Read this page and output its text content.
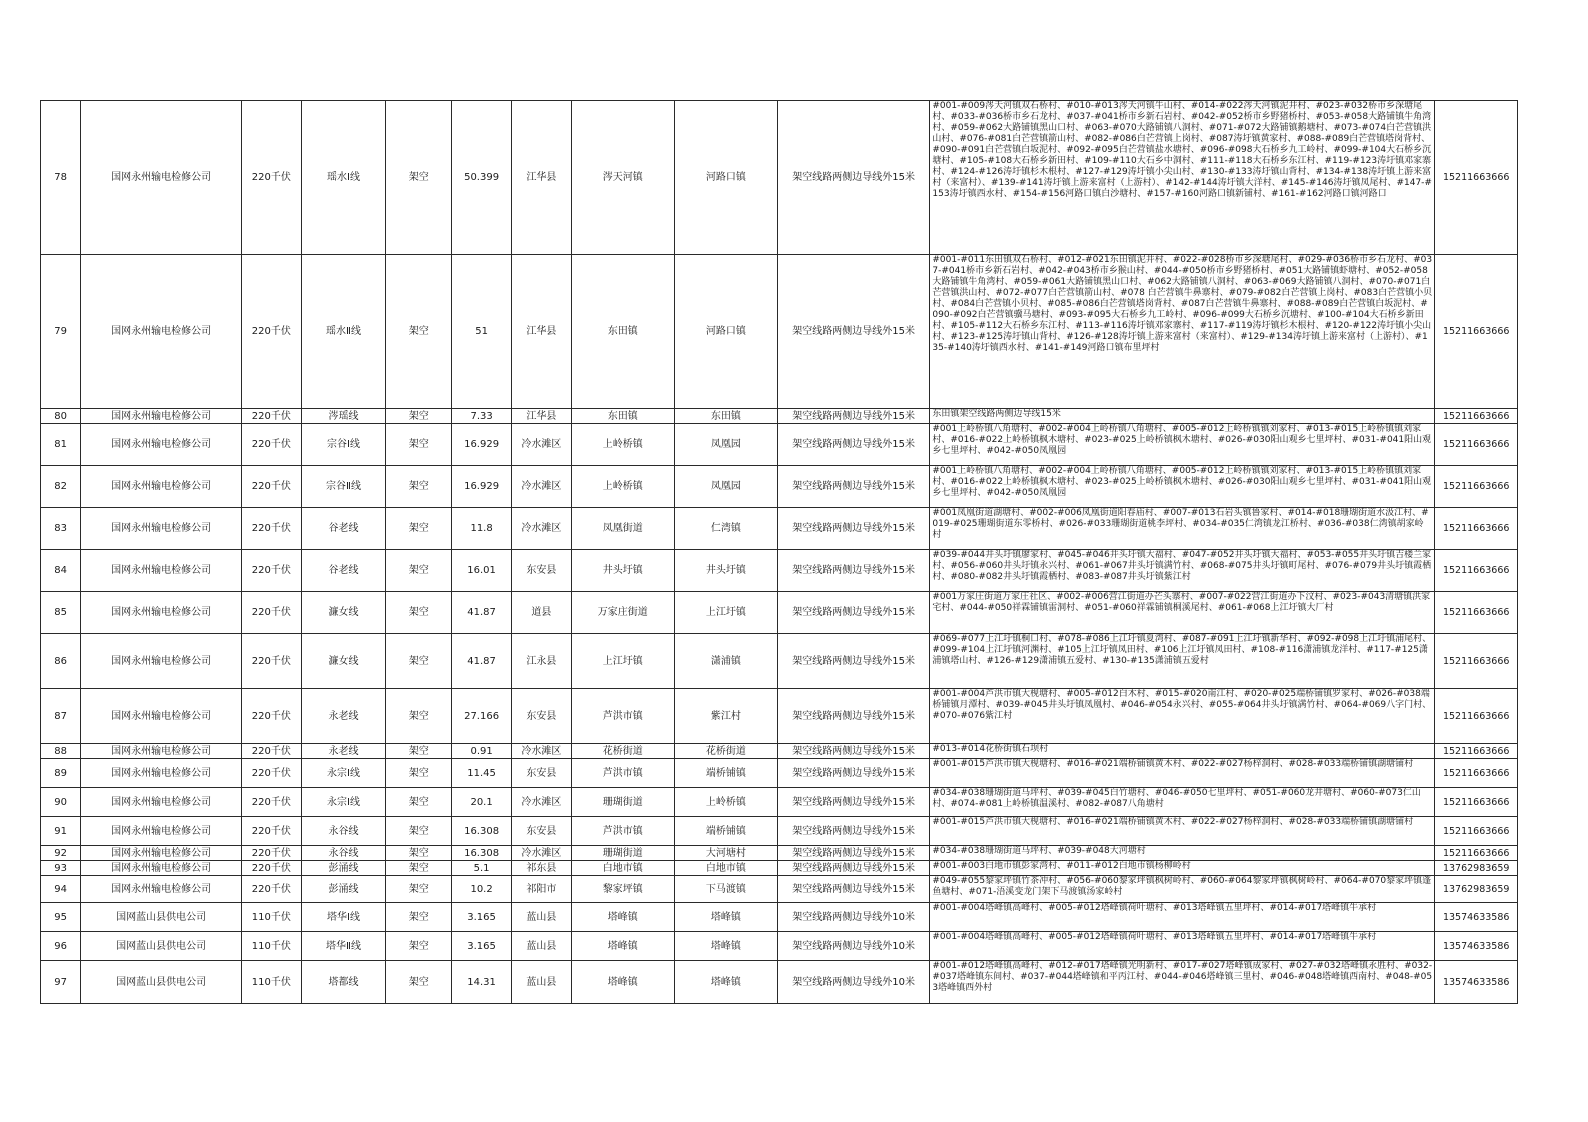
78	国网永州输电检修公司	220千伏	瑶水Ⅰ线	架空	50.399	江华县	涔天河镇	河路口镇	架空线路两侧边导线外15米	#001-#009涔天河镇双石桥村、#010-#013涔天河镇牛山村、#014-#022涔天河镇泥井村、#023-#032桥市乡深塘尾村、#033-#036桥市乡石龙村、#037-#041桥市乡新石岩村、#042-#052桥市乡野猪桥村、#053-#058大路铺镇牛角湾村、#059-#062大路铺镇黑山口村、#063-#070大路铺镇八洞村、#071-#072大路铺镇鹅塘村、#073-#074白芒营镇洪山村、#076-#081白芒营镇箭山村、#082-#086白芒营镇上岗村、#087涛圩镇黄家村、#088-#089白芒营镇塔岗背村、#090-#091白芒营镇白坂泥村、#092-#095白芒营镇盐水塘村、#096-#098大石桥乡九工岭村、#099-#104大石桥乡沉塘村、#105-#108大石桥乡新田村、#109-#110大石乡中洞村、#111-#118大石桥乡东江村、#119-#123涛圩镇邓家寨村、#124-#126涛圩镇杉木根村、#127-#129涛圩镇小尖山村、#130-#133涛圩镇山背村、#134-#138涛圩镇上游来富村（来富村）、#139-#141涛圩镇上游来富村（上游村）、#142-#144涛圩镇大洋村、#145-#146涛圩镇凤尾村、#147-#153涛圩镇西水村、#154-#156河路口镇白沙塘村、#157-#160河路口镇新铺村、#161-#162河路口镇河路口	15211663666
79	国网永州输电检修公司	220千伏	瑶水Ⅱ线	架空	51	江华县	东田镇	河路口镇	架空线路两侧边导线外15米	#001-#011东田镇双石桥村、#012-#021东田镇泥井村、#022-#028桥市乡深塘尾村、#029-#036桥市乡石龙村、#037-#041桥市乡新石岩村、#042-#043桥市乡猴山村、#044-#050桥市乡野猪桥村、#051大路铺镇虾塘村、#052-#058大路铺镇牛角湾村、#059-#061大路铺镇黑山口村、#062大路铺镇八洞村、#063-#069大路铺镇八洞村、#070-#071白芒营镇洪山村、#072-#077白芒营镇箭山村、#078 白芒营镇牛鼻寨村、#079-#082白芒营镇上岗村、#083白芒营镇小贝村、#084白芒营镇小贝村、#085-#086白芒营镇塔岗背村、#087白芒营镇牛鼻寨村、#088-#089白芒营镇白坂泥村、#090-#092白芒营镇骥马塘村、#093-#095大石桥乡九工岭村、#096-#099大石桥乡沉塘村、#100-#104大石桥乡新田村、#105-#112大石桥乡东江村、#113-#116涛圩镇邓家寨村、#117-#119涛圩镇杉木根村、#120-#122涛圩镇小尖山村、#123-#125涛圩镇山背村、#126-#128涛圩镇上游来富村（来富村）、#129-#134涛圩镇上游来富村（上游村）、#135-#140涛圩镇西水村、#141-#149河路口镇布里坪村	15211663666
80	国网永州输电检修公司	220千伏	涔瑶线	架空	7.33	江华县	东田镇	东田镇	架空线路两侧边导线外15米	东田镇架空线路两侧边导线15米	15211663666
81	国网永州输电检修公司	220千伏	宗谷Ⅰ线	架空	16.929	冷水滩区	上岭桥镇	凤凰园	架空线路两侧边导线外15米	#001上岭桥镇八角塘村、#002-#004上岭桥镇八角塘村、#005-#012上岭桥镇镇刘家村、#013-#015上岭桥镇镇刘家村、#016-#022上岭桥镇枫木塘村、#023-#025上岭桥镇枫木塘村、#026-#030阳山观乡七里坪村、#031-#041阳山观乡七里坪村、#042-#050凤凰园	15211663666
82	国网永州输电检修公司	220千伏	宗谷Ⅱ线	架空	16.929	冷水滩区	上岭桥镇	凤凰园	架空线路两侧边导线外15米	#001上岭桥镇八角塘村、#002-#004上岭桥镇八角塘村、#005-#012上岭桥镇镇刘家村、#013-#015上岭桥镇镇刘家村、#016-#022上岭桥镇枫木塘村、#023-#025上岭桥镇枫木塘村、#026-#030阳山观乡七里坪村、#031-#041阳山观乡七里坪村、#042-#050凤凰园	15211663666
83	国网永州输电检修公司	220千伏	谷老线	架空	11.8	冷水滩区	凤凰街道	仁湾镇	架空线路两侧边导线外15米	#001凤凰街道湖塘村、#002-#006凤凰街道阳春庙村、#007-#013石岩头镇鲁家村、#014-#018珊瑚街道水汲江村、#019-#025珊瑚街道东零桥村、#026-#033珊瑚街道桃李坪村、#034-#035仁湾镇龙江桥村、#036-#038仁湾镇胡家岭村	15211663666
84	国网永州输电检修公司	220千伏	谷老线	架空	16.01	东安县	井头圩镇	井头圩镇	架空线路两侧边导线外15米	#039-#044井头圩镇廖家村、#045-#046井头圩镇大福村、#047-#052井头圩镇大福村、#053-#055井头圩镇吉楼兰家村、#056-#060井头圩镇永兴村、#061-#067井头圩镇满竹村、#068-#075井头圩镇町尾村、#076-#079井头圩镇霞栖村、#080-#082井头圩镇霞栖村、#083-#087井头圩镇紫江村	15211663666
85	国网永州输电检修公司	220千伏	濂女线	架空	41.87	道县	万家庄街道	上江圩镇	架空线路两侧边导线外15米	#001万家庄街道万家庄社区、#002-#006营江街道办芒头寨村、#007-#022营江街道办下汶村、#023-#043清塘镇洪家宅村、#044-#050祥霖铺镇雷洞村、#051-#060祥霖铺镇桐溪尾村、#061-#068上江圩镇大厂村	15211663666
86	国网永州输电检修公司	220千伏	濂女线	架空	41.87	江永县	上江圩镇	潇浦镇	架空线路两侧边导线外15米	#069-#077上江圩镇桐口村、#078-#086上江圩镇夏湾村、#087-#091上江圩镇新华村、#092-#098上江圩镇浦尾村、#099-#104上江圩镇河渊村、#105上江圩镇凤田村、#106上江圩镇凤田村、#108-#116潇浦镇龙洋村、#117-#125潇浦镇塔山村、#126-#129潇浦镇五爱村、#130-#135潇浦镇五爱村	15211663666
87	国网永州输电检修公司	220千伏	永老线	架空	27.166	东安县	芦洪市镇	紫江村	架空线路两侧边导线外15米	#001-#004芦洪市镇大枧塘村、#005-#012白木村、#015-#020南江村、#020-#025端桥铺镇罗家村、#026-#038端桥铺镇月潭村、#039-#045井头圩镇凤凰村、#046-#054永兴村、#055-#064井头圩镇满竹村、#064-#069八字门村、#070-#076紫江村	15211663666
88	国网永州输电检修公司	220千伏	永老线	架空	0.91	冷水滩区	花桥街道	花桥街道	架空线路两侧边导线外15米	#013-#014花桥街镇石坝村	15211663666
89	国网永州输电检修公司	220千伏	永宗Ⅰ线	架空	11.45	东安县	芦洪市镇	端桥铺镇	架空线路两侧边导线外15米	#001-#015芦洪市镇大枧塘村、#016-#021端桥铺镇黄木村、#022-#027杨梓洞村、#028-#033端桥铺镇湖塘铺村	15211663666
90	国网永州输电检修公司	220千伏	永宗Ⅰ线	架空	20.1	冷水滩区	珊瑚街道	上岭桥镇	架空线路两侧边导线外15米	#034-#038珊瑚街道马坪村、#039-#045白竹塘村、#046-#050七里坪村、#051-#060龙井塘村、#060-#073仁山村、#074-#081上岭桥镇温溪村、#082-#087八角塘村	15211663666
91	国网永州输电检修公司	220千伏	永谷线	架空	16.308	东安县	芦洪市镇	端桥铺镇	架空线路两侧边导线外15米	#001-#015芦洪市镇大枧塘村、#016-#021端桥铺镇黄木村、#022-#027杨梓洞村、#028-#033端桥铺镇湖塘铺村	15211663666
92	国网永州输电检修公司	220千伏	永谷线	架空	16.308	冷水滩区	珊瑚街道	大河塘村	架空线路两侧边导线外15米	#034-#038珊瑚街道马坪村、#039-#048大河塘村	15211663666
93	国网永州输电检修公司	220千伏	彭涌线	架空	5.1	祁东县	白地市镇	白地市镇	架空线路两侧边导线外15米	#001-#003白地市镇彭家湾村、#011-#012白地市镇杨柳岭村	13762983659
94	国网永州输电检修公司	220千伏	彭涌线	架空	10.2	祁阳市	黎家坪镇	下马渡镇	架空线路两侧边导线外15米	#049-#055黎家坪镇竹茶冲村、#056-#060黎家坪镇枫树岭村、#060-#064黎家坪镇枫树岭村、#064-#070黎家坪镇蓬鱼塘村、#071-浯溪变龙门架下马渡镇汤家岭村	13762983659
95	国网蓝山县供电公司	110千伏	塔华Ⅰ线	架空	3.165	蓝山县	塔峰镇	塔峰镇	架空线路两侧边导线外10米	#001-#004塔峰镇高峰村、#005-#012塔峰镇荷叶塘村、#013塔峰镇五里坪村、#014-#017塔峰镇牛承村	13574633586
96	国网蓝山县供电公司	110千伏	塔华Ⅱ线	架空	3.165	蓝山县	塔峰镇	塔峰镇	架空线路两侧边导线外10米	#001-#004塔峰镇高峰村、#005-#012塔峰镇荷叶塘村、#013塔峰镇五里坪村、#014-#017塔峰镇牛承村	13574633586
97	国网蓝山县供电公司	110千伏	塔都线	架空	14.31	蓝山县	塔峰镇	塔峰镇	架空线路两侧边导线外10米	#001-#012塔峰镇高峰村、#012-#017塔峰镇光明新村、#017-#027塔峰镇成家村、#027-#032塔峰镇永胜村、#032-#037塔峰镇东间村、#037-#044塔峰镇和平丙江村、#044-#046塔峰镇三里村、#046-#048塔峰镇西南村、#048-#053塔峰镇西外村	13574633586
